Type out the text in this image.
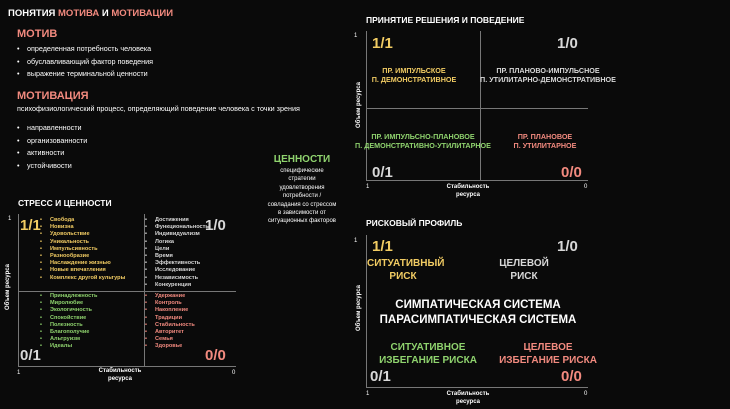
ПОНЯТИЯ МОТИВА И МОТИВАЦИИ
МОТИВ
• определенная потребность человека
• обуславливающий фактор поведения
• выражение терминальной ценности
МОТИВАЦИЯ
психофизиологический процесс, определяющий поведение человека с точки зрения
• направленности
• организованности
• активности
• устойчивости	ЦЕННОСТИ
специфические стратегии удовлетворения потребности / совладания со стрессом в зависимости от ситуационных факторов
СТРЕСС И ЦЕННОСТИ
1
1	0
Стабильность ресурса
Объем ресурса
1/1	1/0
0/1	0/0
• Свобода
• Новизна
• Удовольствие
• Уникальность
• Импульсивность
• Разнообразие
• Наслаждение жизнью
• Новые впечатления
• Комплекс другой культуры
• Достижения
• Функциональность
• Индивидуализм
• Логика
• Цели
• Время
• Эффективность
• Исследование
• Независимость
• Конкуренция
• Принадлежность
• Миролюбие
• Экологичность
• Спокойствие
• Полезность
• Благополучие
• Альтруизм
• Идеалы
• Удержание
• Контроль
• Накопление
• Традиции
• Стабильность
• Авторитет
• Семья
• Здоровье
ПРИНЯТИЕ РЕШЕНИЯ И ПОВЕДЕНИЕ
1
1	0
Стабильность ресурса
Объем ресурса
1/1	1/0
0/1	0/0
ПР. ИМПУЛЬСКОЕ
П. ДЕМОНСТРАТИВНОЕ
ПР. ПЛАНОВО-ИМПУЛЬСНОЕ
П. УТИЛИТАРНО-ДЕМОНСТРАТИВНОЕ
ПР. ИМПУЛЬСНО-ПЛАНОВОЕ
П. ДЕМОНСТРАТИВНО-УТИЛИТАРНОЕ
ПР. ПЛАНОВОЕ
П. УТИЛИТАРНОЕ
РИСКОВЫЙ ПРОФИЛЬ
1
1	0
Стабильность ресурса
Объем ресурса
1/1	1/0
0/1	0/0
СИТУАТИВНЫЙ
РИСК
ЦЕЛЕВОЙ
РИСК
СИМПАТИЧЕСКАЯ СИСТЕМА
ПАРАСИМПАТИЧЕСКАЯ СИСТЕМА
СИТУАТИВНОЕ
ИЗБЕГАНИЕ РИСКА
ЦЕЛЕВОЕ
ИЗБЕГАНИЕ РИСКА
